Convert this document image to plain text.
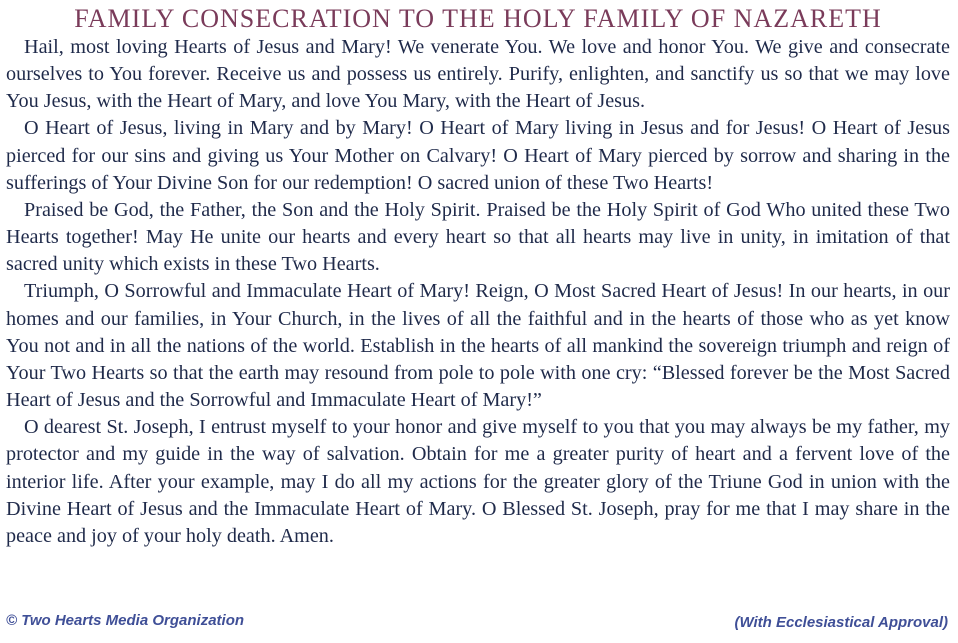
FAMILY CONSECRATION TO THE HOLY FAMILY OF NAZARETH

Hail, most loving Hearts of Jesus and Mary! We venerate You. We love and honor You. We give and consecrate ourselves to You forever. Receive us and possess us entirely. Purify, enlighten, and sanctify us so that we may love You Jesus, with the Heart of Mary, and love You Mary, with the Heart of Jesus.

O Heart of Jesus, living in Mary and by Mary! O Heart of Mary living in Jesus and for Jesus! O Heart of Jesus pierced for our sins and giving us Your Mother on Calvary! O Heart of Mary pierced by sorrow and sharing in the sufferings of Your Divine Son for our redemption! O sacred union of these Two Hearts!

Praised be God, the Father, the Son and the Holy Spirit. Praised be the Holy Spirit of God Who united these Two Hearts together! May He unite our hearts and every heart so that all hearts may live in unity, in imitation of that sacred unity which exists in these Two Hearts.

Triumph, O Sorrowful and Immaculate Heart of Mary! Reign, O Most Sacred Heart of Jesus! In our hearts, in our homes and our families, in Your Church, in the lives of all the faithful and in the hearts of those who as yet know You not and in all the nations of the world. Establish in the hearts of all mankind the sovereign triumph and reign of Your Two Hearts so that the earth may resound from pole to pole with one cry: “Blessed forever be the Most Sacred Heart of Jesus and the Sorrowful and Immaculate Heart of Mary!”

O dearest St. Joseph, I entrust myself to your honor and give myself to you that you may always be my father, my protector and my guide in the way of salvation. Obtain for me a greater purity of heart and a fervent love of the interior life. After your example, may I do all my actions for the greater glory of the Triune God in union with the Divine Heart of Jesus and the Immaculate Heart of Mary. O Blessed St. Joseph, pray for me that I may share in the peace and joy of your holy death. Amen.

© Two Hearts Media Organization	(With Ecclesiastical Approval)
